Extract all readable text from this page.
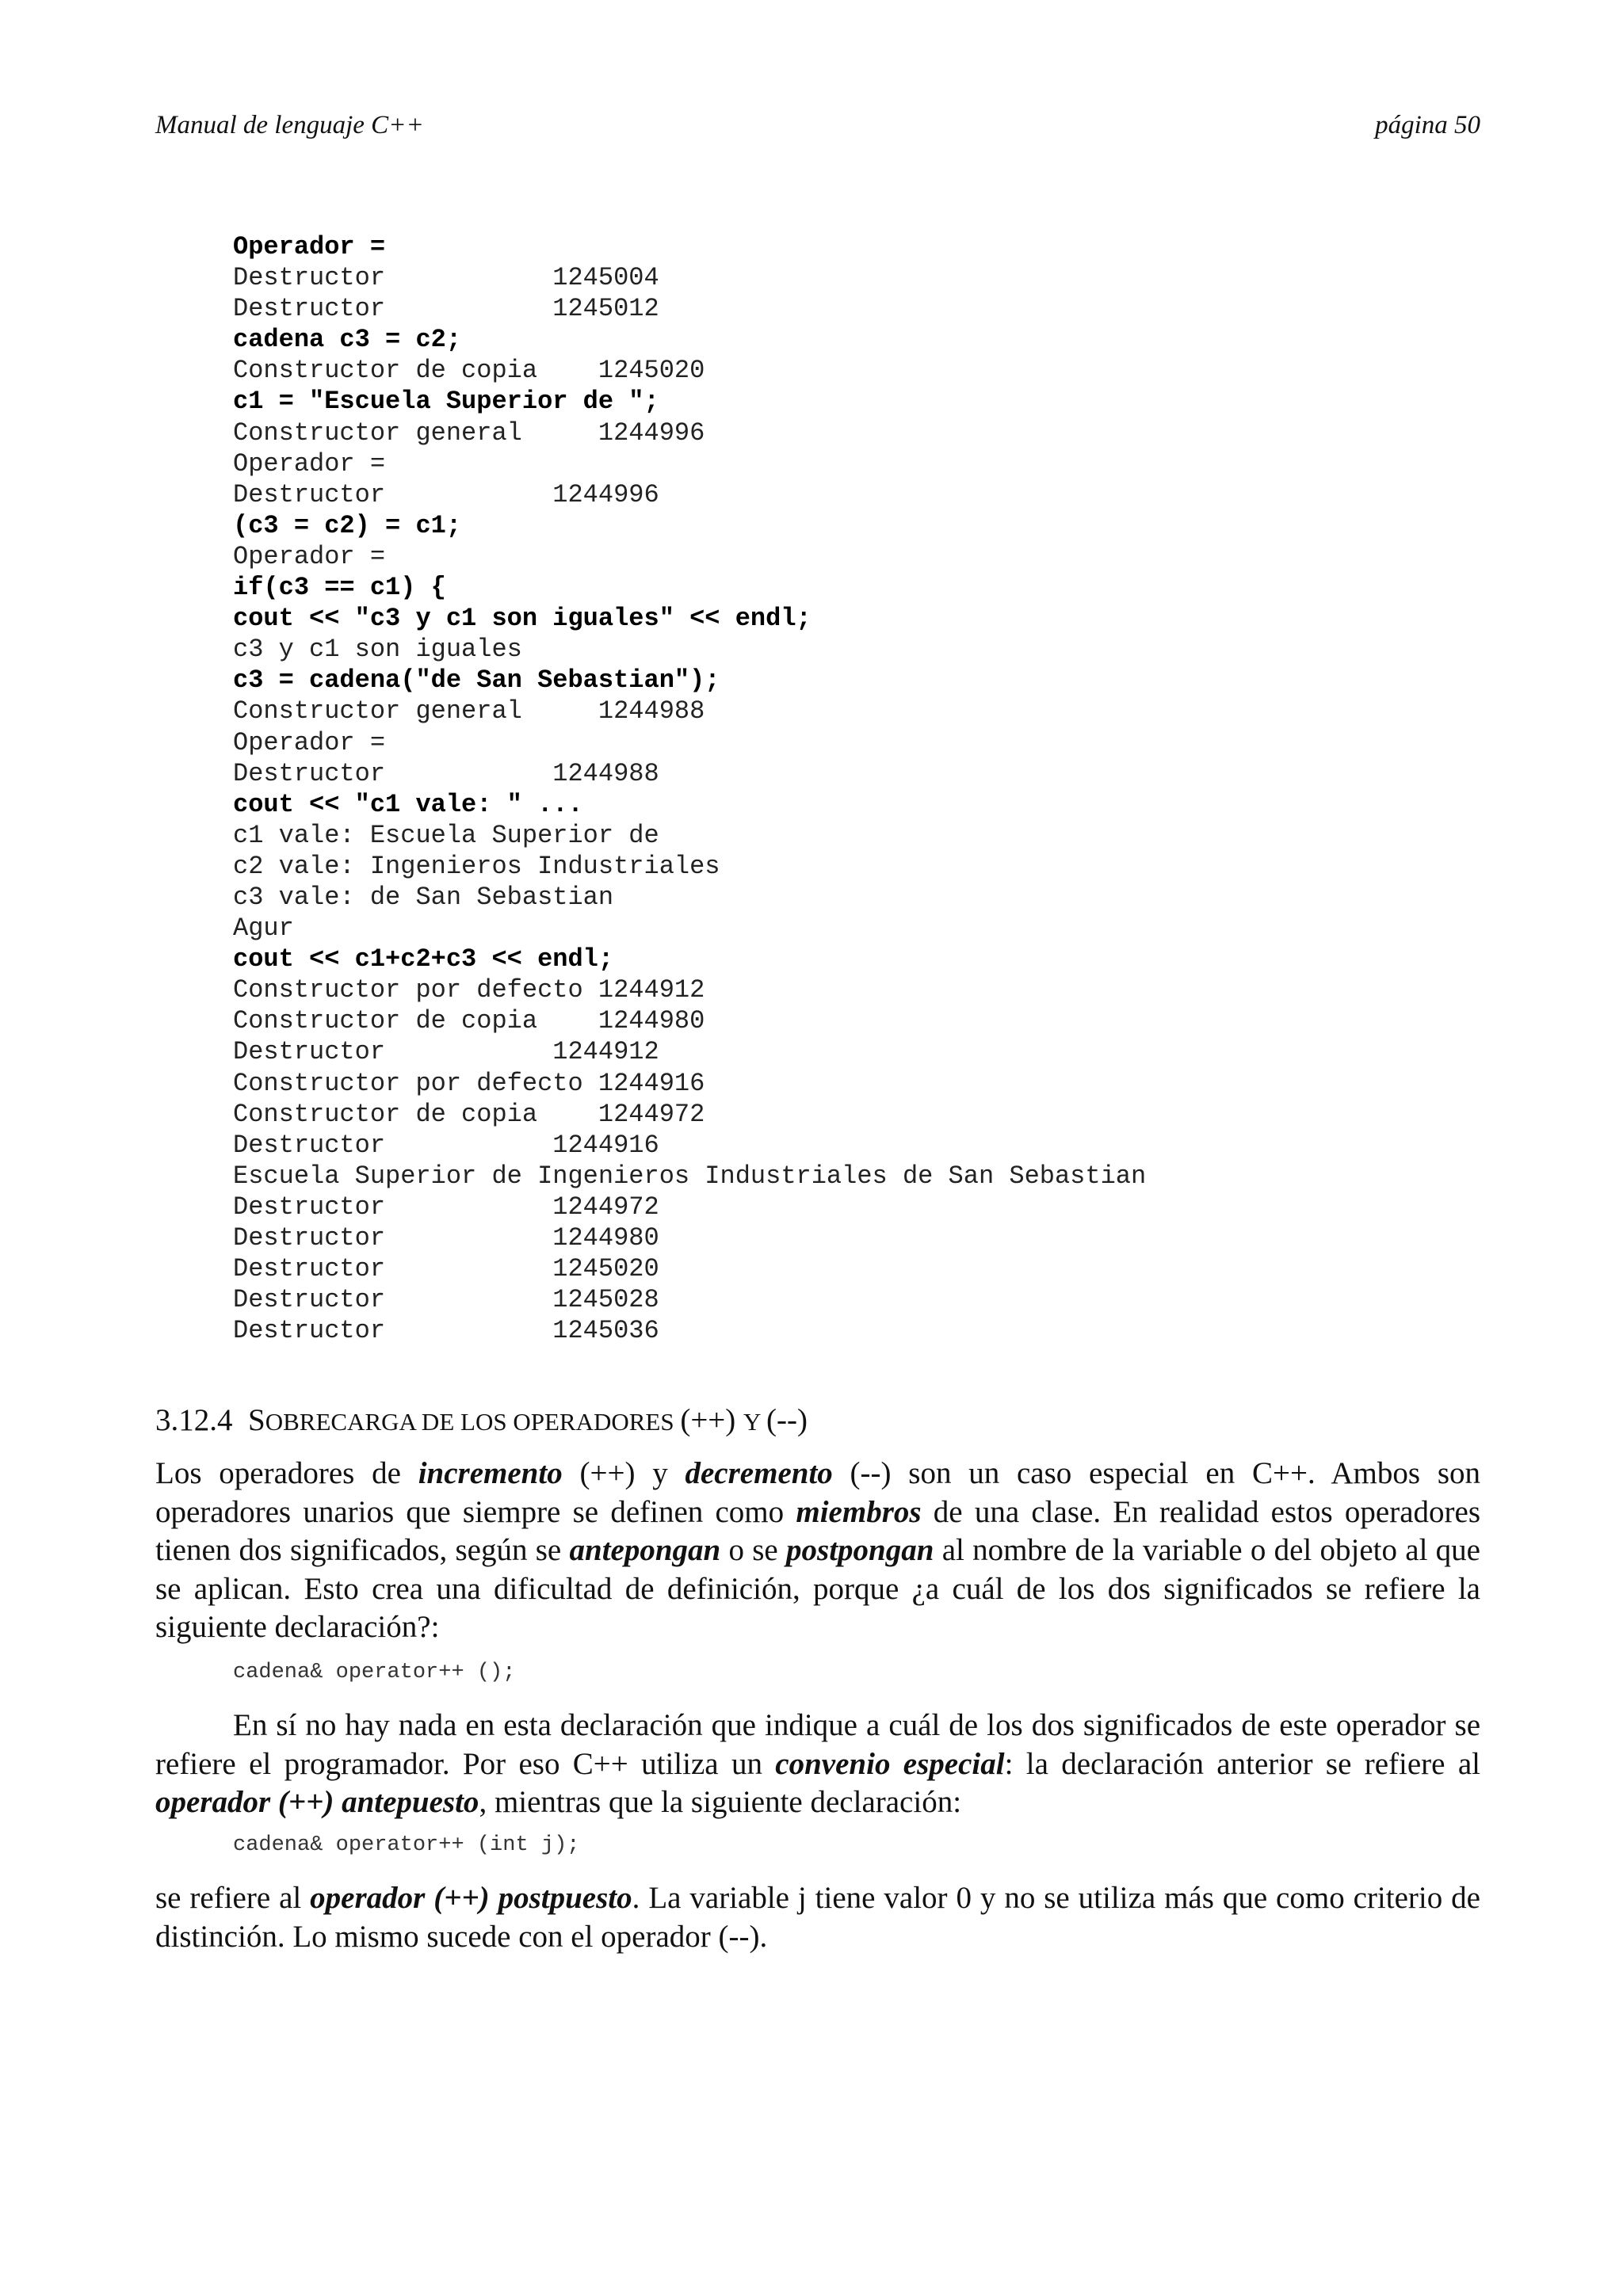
Manual de lenguaje C++	página 50
Operador =
Destructor           1245004
Destructor           1245012
cadena c3 = c2;
Constructor de copia    1245020
c1 = "Escuela Superior de ";
Constructor general     1244996
Operador =
Destructor           1244996
(c3 = c2) = c1;
Operador =
if(c3 == c1) {
cout << "c3 y c1 son iguales" << endl;
c3 y c1 son iguales
c3 = cadena("de San Sebastian");
Constructor general     1244988
Operador =
Destructor           1244988
cout << "c1 vale: " ...
c1 vale: Escuela Superior de
c2 vale: Ingenieros Industriales
c3 vale: de San Sebastian
Agur
cout << c1+c2+c3 << endl;
Constructor por defecto 1244912
Constructor de copia    1244980
Destructor           1244912
Constructor por defecto 1244916
Constructor de copia    1244972
Destructor           1244916
Escuela Superior de Ingenieros Industriales de San Sebastian
Destructor           1244972
Destructor           1244980
Destructor           1245020
Destructor           1245028
Destructor           1245036
3.12.4 SOBRECARGA DE LOS OPERADORES (++) Y (--)

Los operadores de incremento (++) y decremento (--) son un caso especial en C++. Ambos son operadores unarios que siempre se definen como miembros de una clase. En realidad estos operadores tienen dos significados, según se antepongan o se postpongan al nombre de la variable o del objeto al que se aplican. Esto crea una dificultad de definición, porque ¿a cuál de los dos significados se refiere la siguiente declaración?:

cadena& operator++ ();

En sí no hay nada en esta declaración que indique a cuál de los dos significados de este operador se refiere el programador. Por eso C++ utiliza un convenio especial: la declaración anterior se refiere al operador (++) antepuesto, mientras que la siguiente declaración:

cadena& operator++ (int j);

se refiere al operador (++) postpuesto. La variable j tiene valor 0 y no se utiliza más que como criterio de distinción. Lo mismo sucede con el operador (--).
